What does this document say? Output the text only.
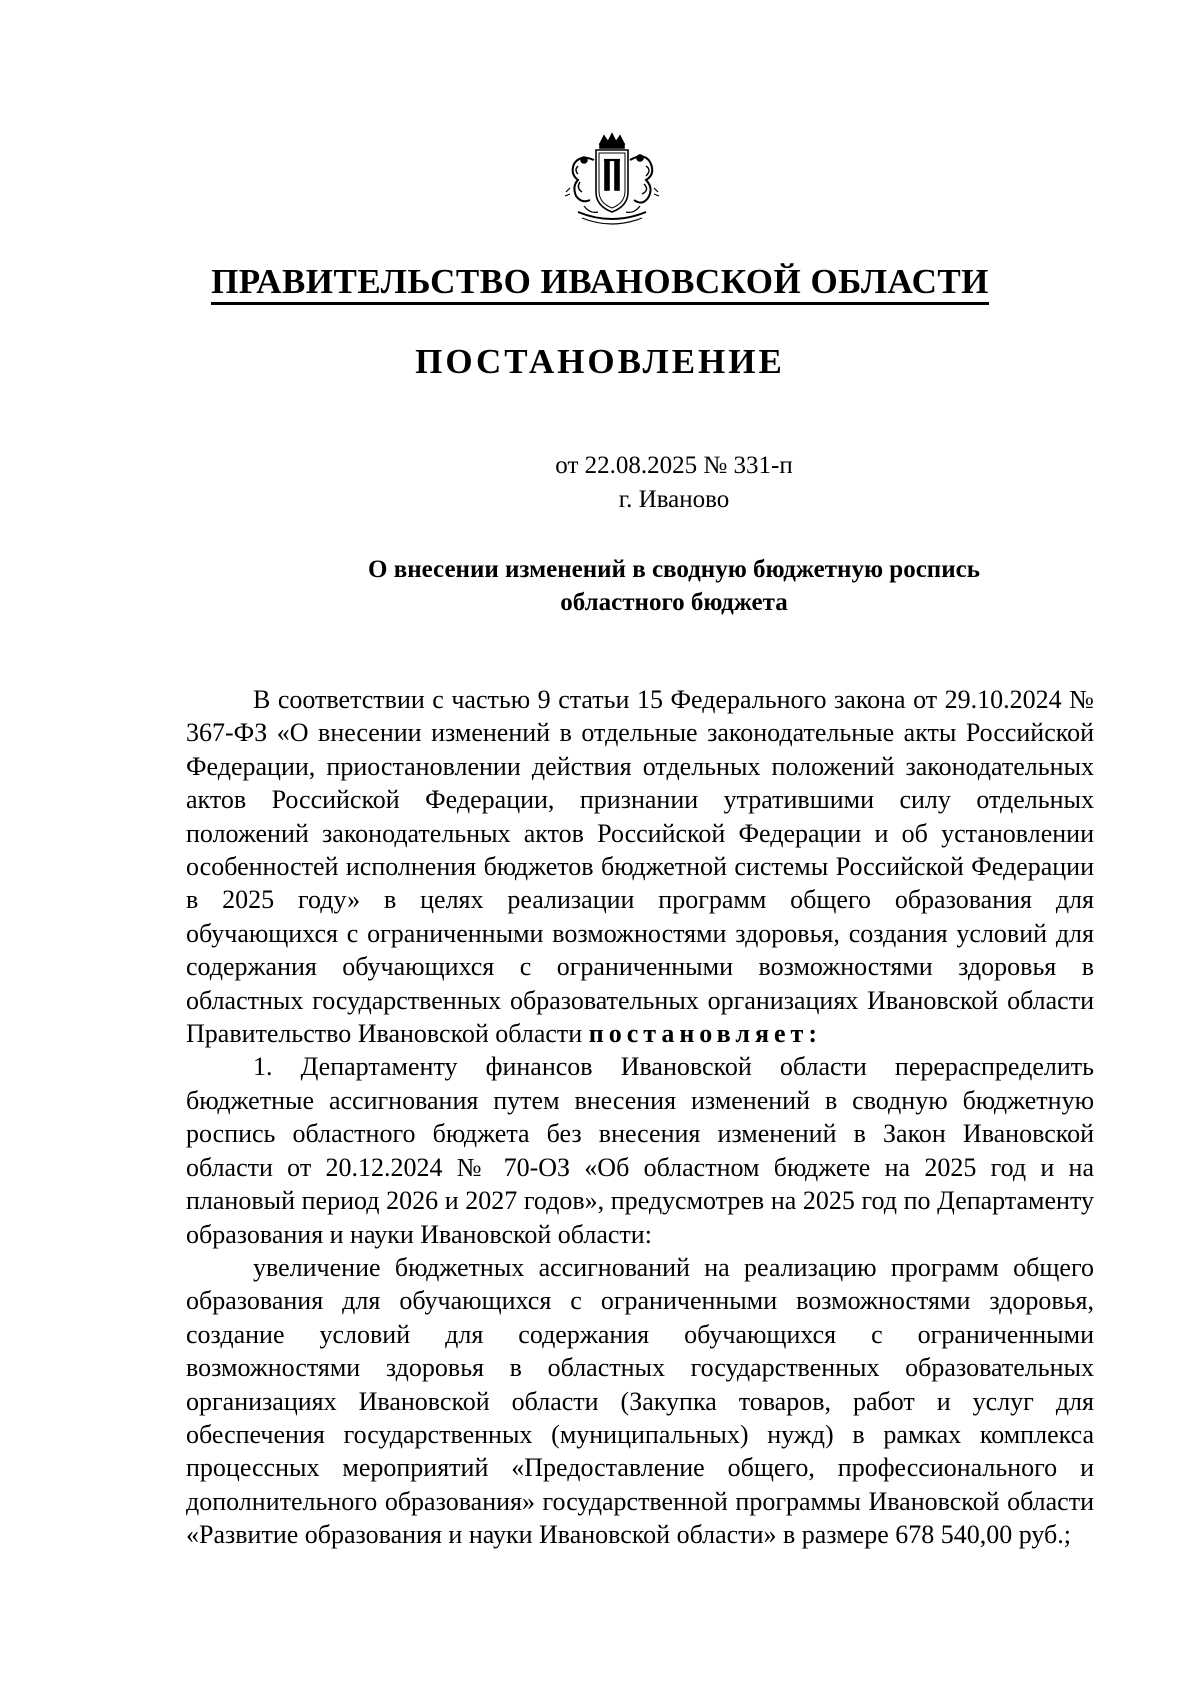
ПРАВИТЕЛЬСТВО ИВАНОВСКОЙ ОБЛАСТИ
ПОСТАНОВЛЕНИЕ
от 22.08.2025 № 331-п
г. Иваново
О внесении изменений в сводную бюджетную роспись
областного бюджета

В соответствии с частью 9 статьи 15 Федерального закона от 29.10.2024 № 367-ФЗ «О внесении изменений в отдельные законодательные акты Российской Федерации, приостановлении действия отдельных положений законодательных актов Российской Федерации, признании утратившими силу отдельных положений законодательных актов Российской Федерации и об установлении особенностей исполнения бюджетов бюджетной системы Российской Федерации в 2025 году» в целях реализации программ общего образования для обучающихся с ограниченными возможностями здоровья, создания условий для содержания обучающихся с ограниченными возможностями здоровья в областных государственных образовательных организациях Ивановской области Правительство Ивановской области постановляет:

1. Департаменту финансов Ивановской области перераспределить бюджетные ассигнования путем внесения изменений в сводную бюджетную роспись областного бюджета без внесения изменений в Закон Ивановской области от 20.12.2024 № 70-ОЗ «Об областном бюджете на 2025 год и на плановый период 2026 и 2027 годов», предусмотрев на 2025 год по Департаменту образования и науки Ивановской области:

увеличение бюджетных ассигнований на реализацию программ общего образования для обучающихся с ограниченными возможностями здоровья, создание условий для содержания обучающихся с ограниченными возможностями здоровья в областных государственных образовательных организациях Ивановской области (Закупка товаров, работ и услуг для обеспечения государственных (муниципальных) нужд) в рамках комплекса процессных мероприятий «Предоставление общего, профессионального и дополнительного образования» государственной программы Ивановской области «Развитие образования и науки Ивановской области» в размере 678 540,00 руб.;
